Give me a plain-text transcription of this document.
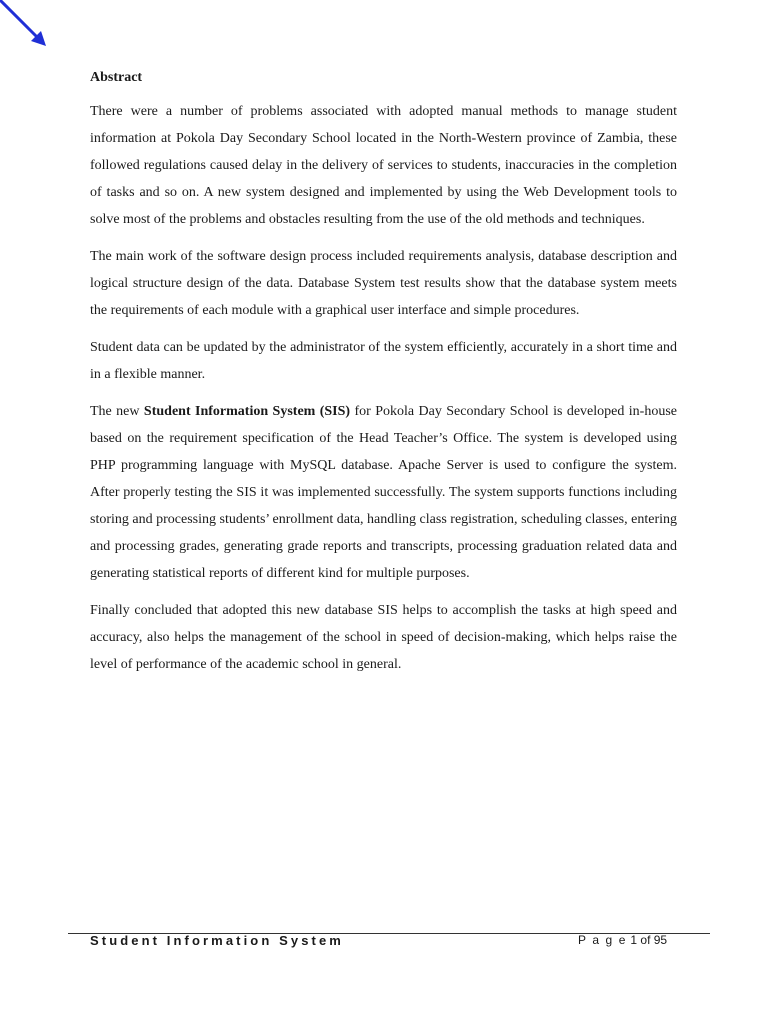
Abstract

There were a number of problems associated with adopted manual methods to manage student information at Pokola Day Secondary School located in the North-Western province of Zambia, these followed regulations caused delay in the delivery of services to students, inaccuracies in the completion of tasks and so on. A new system designed and implemented by using the Web Development tools to solve most of the problems and obstacles resulting from the use of the old methods and techniques.

The main work of the software design process included requirements analysis, database description and logical structure design of the data. Database System test results show that the database system meets the requirements of each module with a graphical user interface and simple procedures.

Student data can be updated by the administrator of the system efficiently, accurately in a short time and in a flexible manner.

The new Student Information System (SIS) for Pokola Day Secondary School is developed in-house based on the requirement specification of the Head Teacher’s Office. The system is developed using PHP programming language with MySQL database. Apache Server is used to configure the system. After properly testing the SIS it was implemented successfully. The system supports functions including storing and processing students’ enrollment data, handling class registration, scheduling classes, entering and processing grades, generating grade reports and transcripts, processing graduation related data and generating statistical reports of different kind for multiple purposes.

Finally concluded that adopted this new database SIS helps to accomplish the tasks at high speed and accuracy, also helps the management of the school in speed of decision-making, which helps raise the level of performance of the academic school in general.

Student Information System	P a g e 1 of 95
